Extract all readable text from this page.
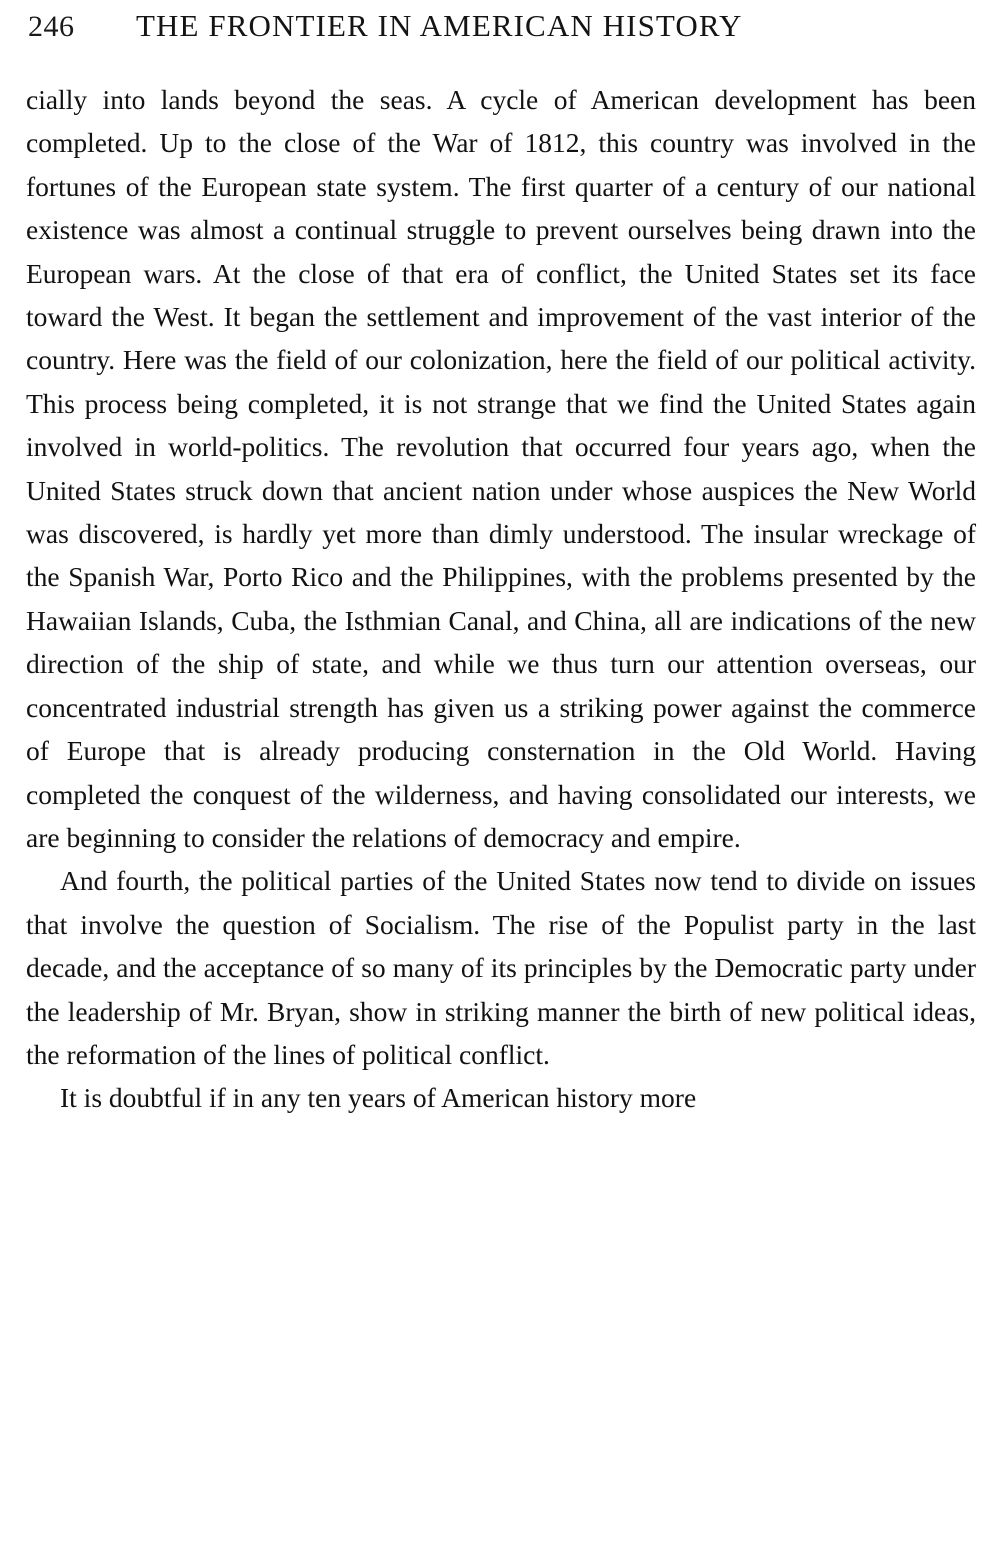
246	THE FRONTIER IN AMERICAN HISTORY

cially into lands beyond the seas. A cycle of American development has been completed. Up to the close of the War of 1812, this country was involved in the fortunes of the European state system. The first quarter of a century of our national existence was almost a continual struggle to prevent ourselves being drawn into the European wars. At the close of that era of conflict, the United States set its face toward the West. It began the settlement and improvement of the vast interior of the country. Here was the field of our colonization, here the field of our political activity. This process being completed, it is not strange that we find the United States again involved in world-politics. The revolution that occurred four years ago, when the United States struck down that ancient nation under whose auspices the New World was discovered, is hardly yet more than dimly understood. The insular wreckage of the Spanish War, Porto Rico and the Philippines, with the problems presented by the Hawaiian Islands, Cuba, the Isthmian Canal, and China, all are indications of the new direction of the ship of state, and while we thus turn our attention overseas, our concentrated industrial strength has given us a striking power against the commerce of Europe that is already producing consternation in the Old World. Having completed the conquest of the wilderness, and having consolidated our interests, we are beginning to consider the relations of democracy and empire.

And fourth, the political parties of the United States now tend to divide on issues that involve the question of Socialism. The rise of the Populist party in the last decade, and the acceptance of so many of its principles by the Democratic party under the leadership of Mr. Bryan, show in striking manner the birth of new political ideas, the reformation of the lines of political conflict.

It is doubtful if in any ten years of American history more
